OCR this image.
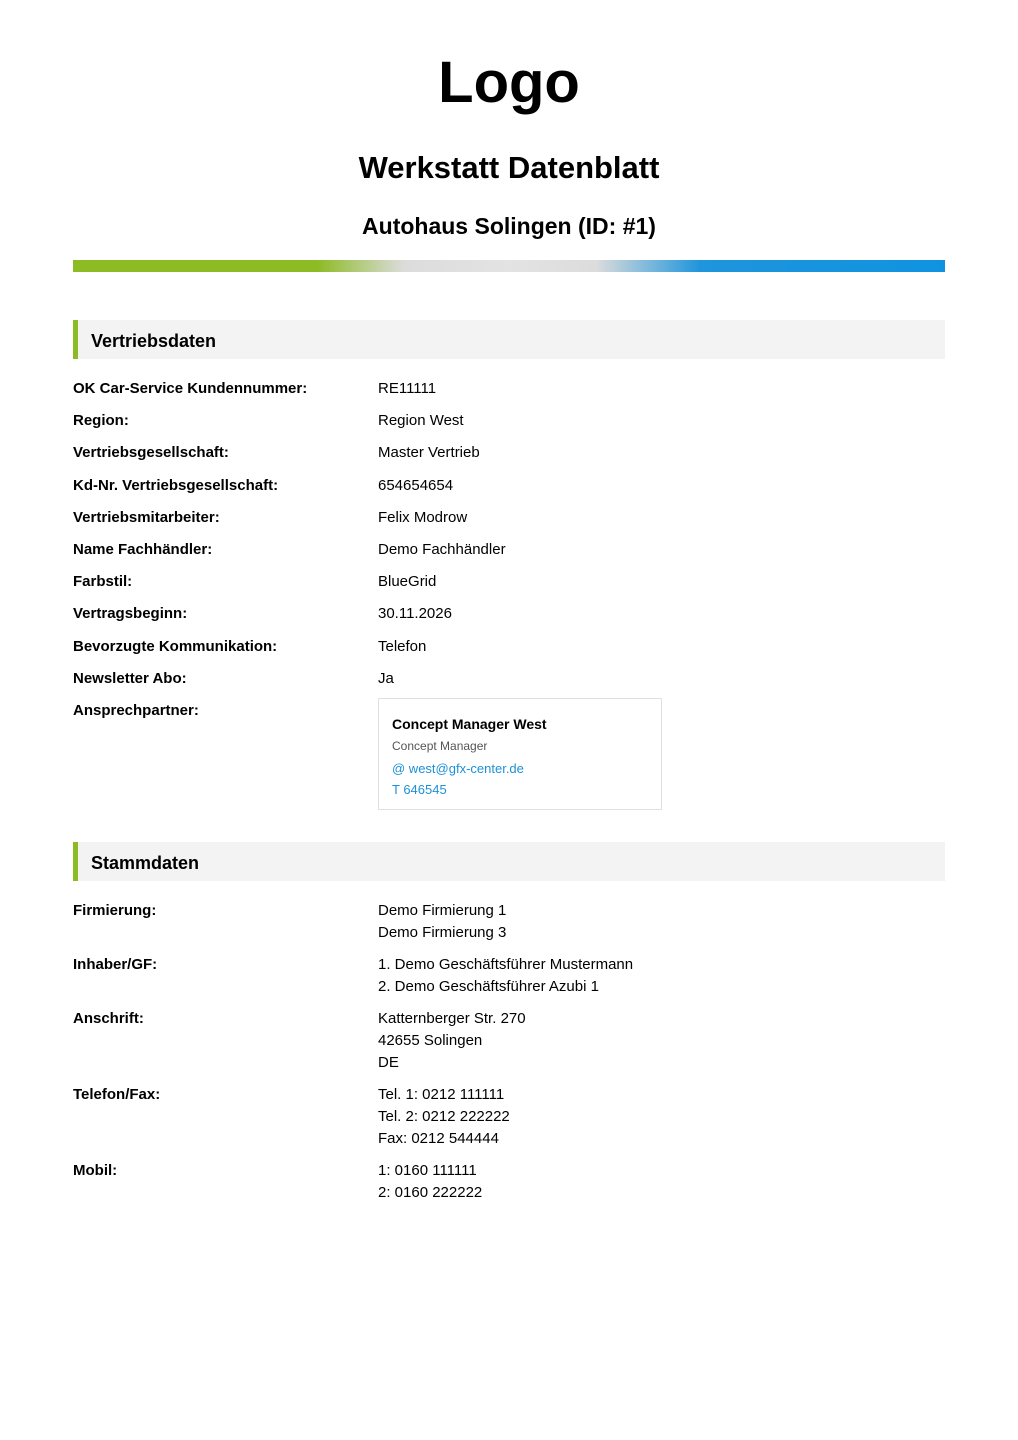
Logo
Werkstatt Datenblatt
Autohaus Solingen (ID: #1)
Vertriebsdaten
OK Car-Service Kundennummer:	RE11111
Region:	Region West
Vertriebsgesellschaft:	Master Vertrieb
Kd-Nr. Vertriebsgesellschaft:	654654654
Vertriebsmitarbeiter:	Felix Modrow
Name Fachhändler:	Demo Fachhändler
Farbstil:	BlueGrid
Vertragsbeginn:	30.11.2026
Bevorzugte Kommunikation:	Telefon
Newsletter Abo:	Ja
Ansprechpartner:
Concept Manager West
Concept Manager
@ west@gfx-center.de
T 646545
Stammdaten
Firmierung:	Demo Firmierung 1
Demo Firmierung 3
Inhaber/GF:	1. Demo Geschäftsführer Mustermann
2. Demo Geschäftsführer Azubi 1
Anschrift:	Katternberger Str. 270
42655 Solingen
DE
Telefon/Fax:	Tel. 1: 0212 111111
Tel. 2: 0212 222222
Fax: 0212 544444
Mobil:	1: 0160 111111
2: 0160 222222
